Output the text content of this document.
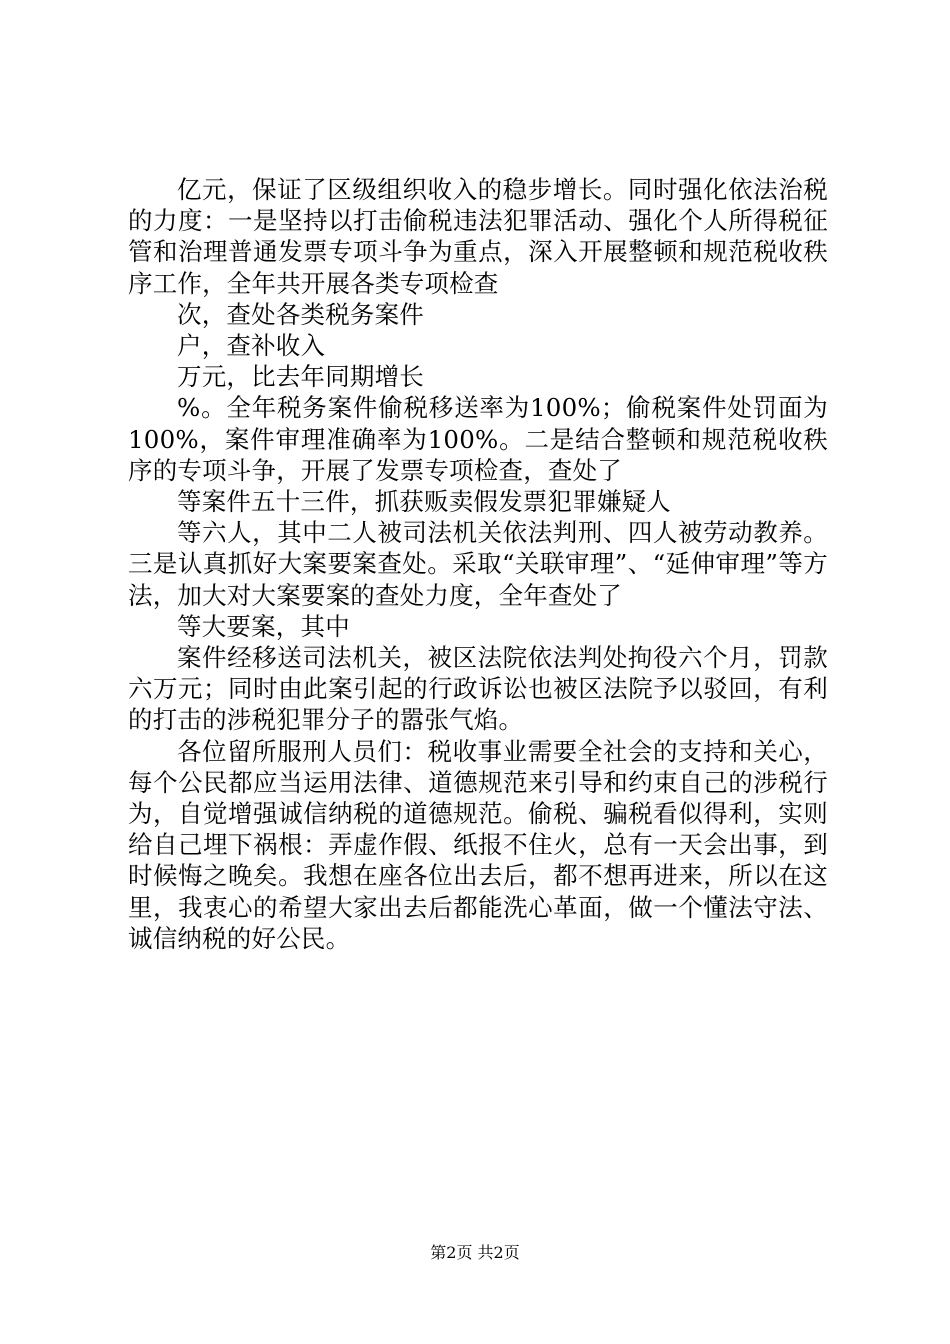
亿元，保证了区级组织收入的稳步增长。同时强化依法治税的力度：一是坚持以打击偷税违法犯罪活动、强化个人所得税征管和治理普通发票专项斗争为重点，深入开展整顿和规范税收秩序工作，全年共开展各类专项检查

次，查处各类税务案件

户，查补收入

万元，比去年同期增长

%。全年税务案件偷税移送率为100%；偷税案件处罚面为100%，案件审理准确率为100%。二是结合整顿和规范税收秩序的专项斗争，开展了发票专项检查，查处了

等案件五十三件，抓获贩卖假发票犯罪嫌疑人

等六人，其中二人被司法机关依法判刑、四人被劳动教养。三是认真抓好大案要案查处。采取“关联审理”、“延伸审理”等方法，加大对大案要案的查处力度，全年查处了

等大要案，其中

案件经移送司法机关，被区法院依法判处拘役六个月，罚款六万元；同时由此案引起的行政诉讼也被区法院予以驳回，有利的打击的涉税犯罪分子的嚣张气焰。

各位留所服刑人员们：税收事业需要全社会的支持和关心，每个公民都应当运用法律、道德规范来引导和约束自己的涉税行为，自觉增强诚信纳税的道德规范。偷税、骗税看似得利，实则给自己埋下祸根：弄虚作假、纸报不住火，总有一天会出事，到时候悔之晚矣。我想在座各位出去后，都不想再进来，所以在这里，我衷心的希望大家出去后都能洗心革面，做一个懂法守法、诚信纳税的好公民。

第2页 共2页
